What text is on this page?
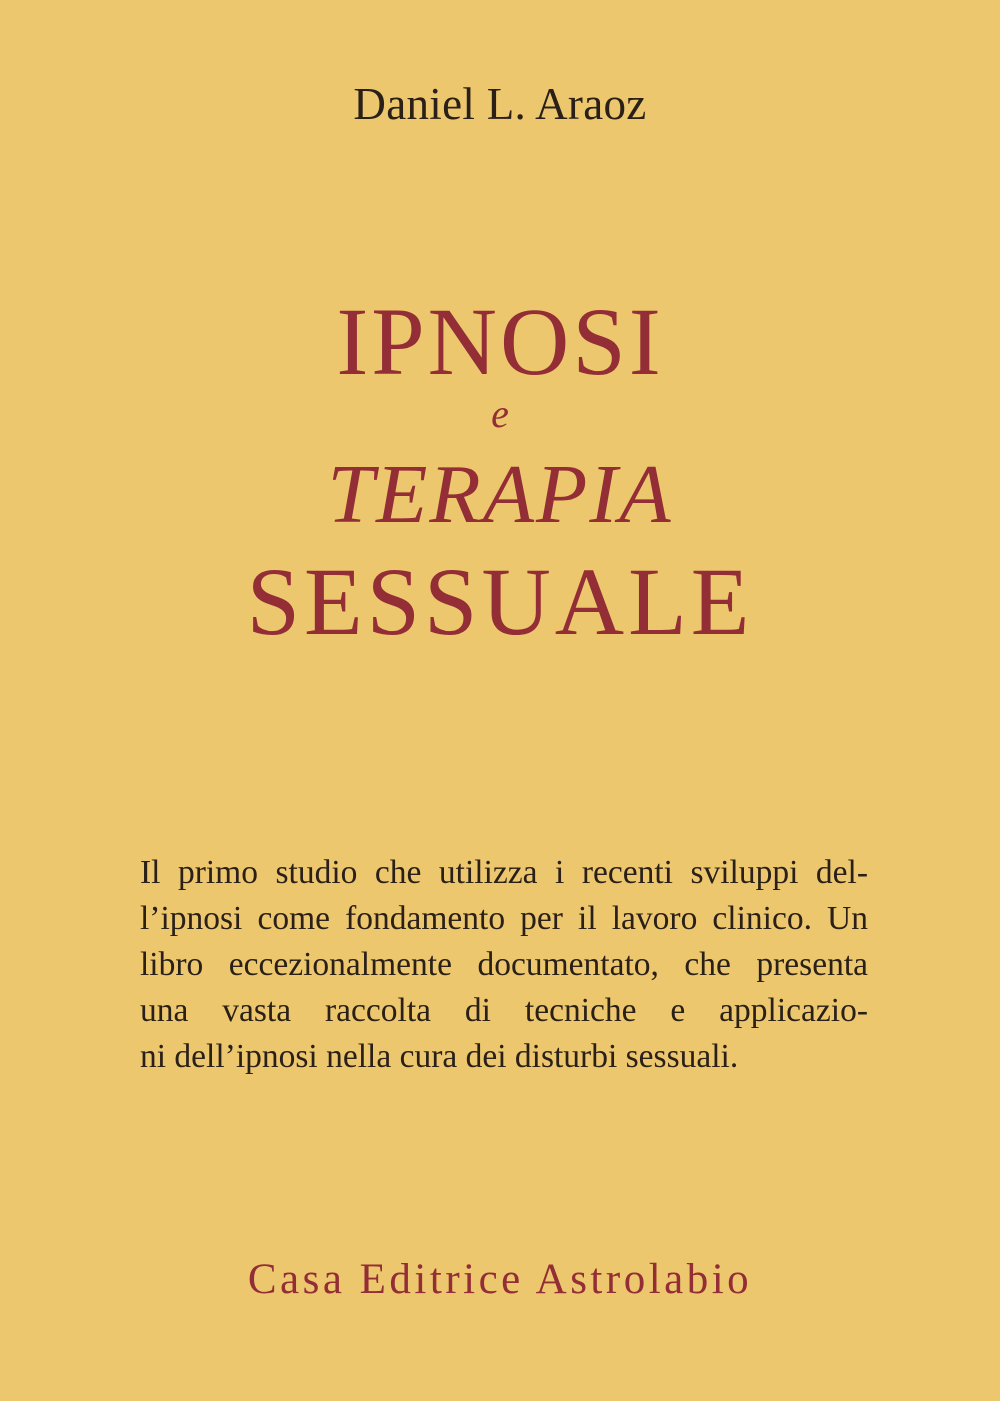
Daniel L. Araoz
IPNOSI
e
TERAPIA
SESSUALE
Il primo studio che utilizza i recenti sviluppi del-
l’ipnosi come fondamento per il lavoro clinico. Un
libro eccezionalmente documentato, che presenta
una vasta raccolta di tecniche e applicazio-
ni dell’ipnosi nella cura dei disturbi sessuali.
Casa Editrice Astrolabio
